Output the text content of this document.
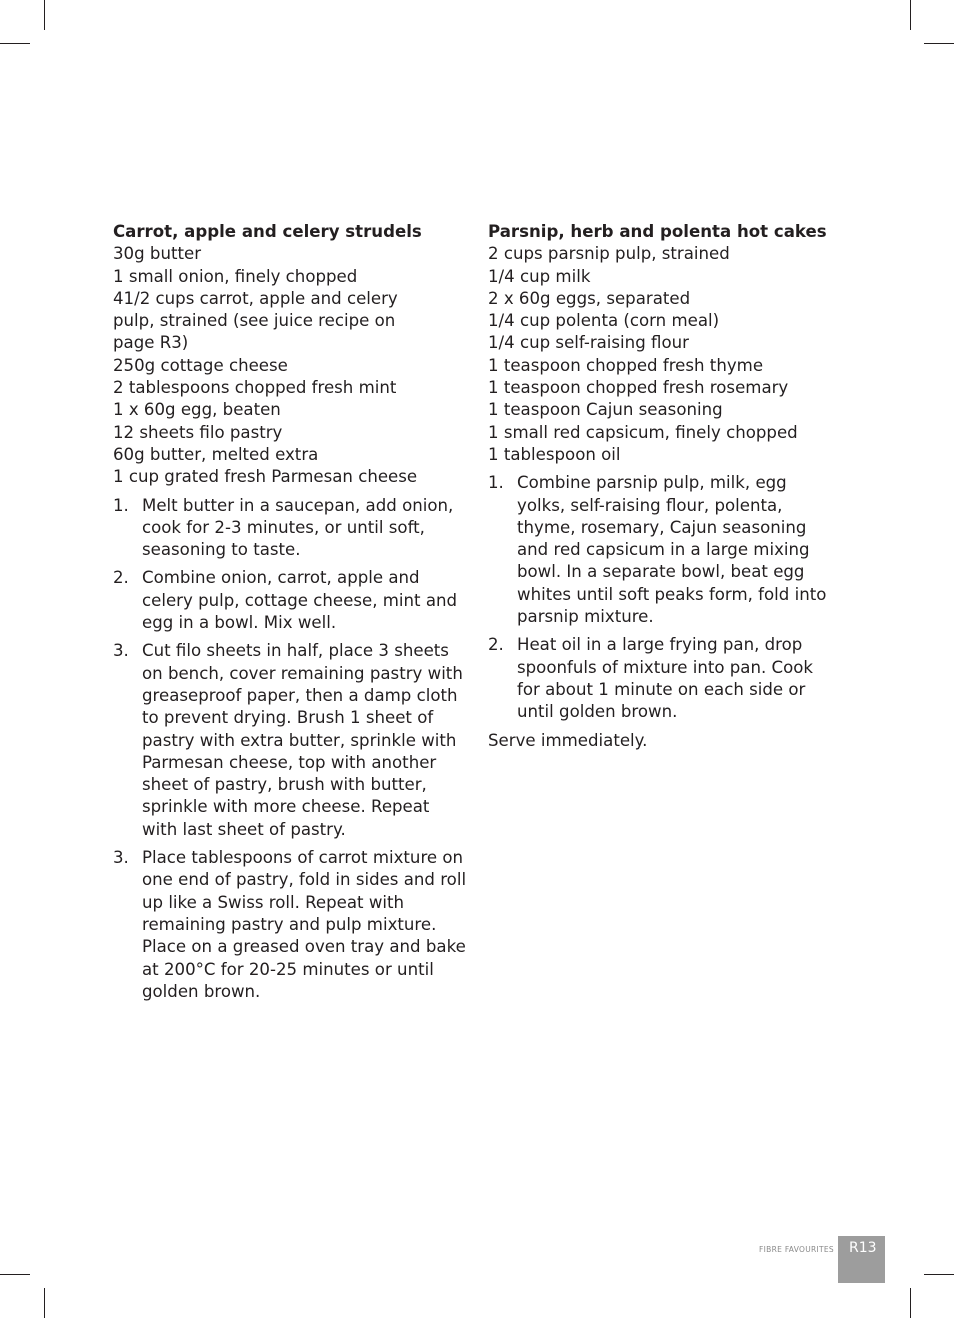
Carrot, apple and celery strudels

30g butter

1 small onion, finely chopped

41/2 cups carrot, apple and celery pulp, strained (see juice recipe on page R3)

250g cottage cheese

2 tablespoons chopped fresh mint

1 x 60g egg, beaten

12 sheets filo pastry

60g butter, melted extra

1 cup grated fresh Parmesan cheese

1. Melt butter in a saucepan, add onion, cook for 2-3 minutes, or until soft, seasoning to taste.
2. Combine onion, carrot, apple and celery pulp, cottage cheese, mint and egg in a bowl. Mix well.
3. Cut filo sheets in half, place 3 sheets on bench, cover remaining pastry with greaseproof paper, then a damp cloth to prevent drying. Brush 1 sheet of pastry with extra butter, sprinkle with Parmesan cheese, top with another sheet of pastry, brush with butter, sprinkle with more cheese. Repeat with last sheet of pastry.
3. Place tablespoons of carrot mixture on one end of pastry, fold in sides and roll up like a Swiss roll. Repeat with remaining pastry and pulp mixture. Place on a greased oven tray and bake at 200°C for 20-25 minutes or until golden brown.

Parsnip, herb and polenta hot cakes

2 cups parsnip pulp, strained

1/4 cup milk

2 x 60g eggs, separated

1/4 cup polenta (corn meal)

1/4 cup self-raising flour

1 teaspoon chopped fresh thyme

1 teaspoon chopped fresh rosemary

1 teaspoon Cajun seasoning

1 small red capsicum, finely chopped

1 tablespoon oil

1. Combine parsnip pulp, milk, egg yolks, self-raising flour, polenta, thyme, rosemary, Cajun seasoning and red capsicum in a large mixing bowl. In a separate bowl, beat egg whites until soft peaks form, fold into parsnip mixture.
2. Heat oil in a large frying pan, drop spoonfuls of mixture into pan. Cook for about 1 minute on each side or until golden brown.

Serve immediately.

FIBRE FAVOURITES	R13
